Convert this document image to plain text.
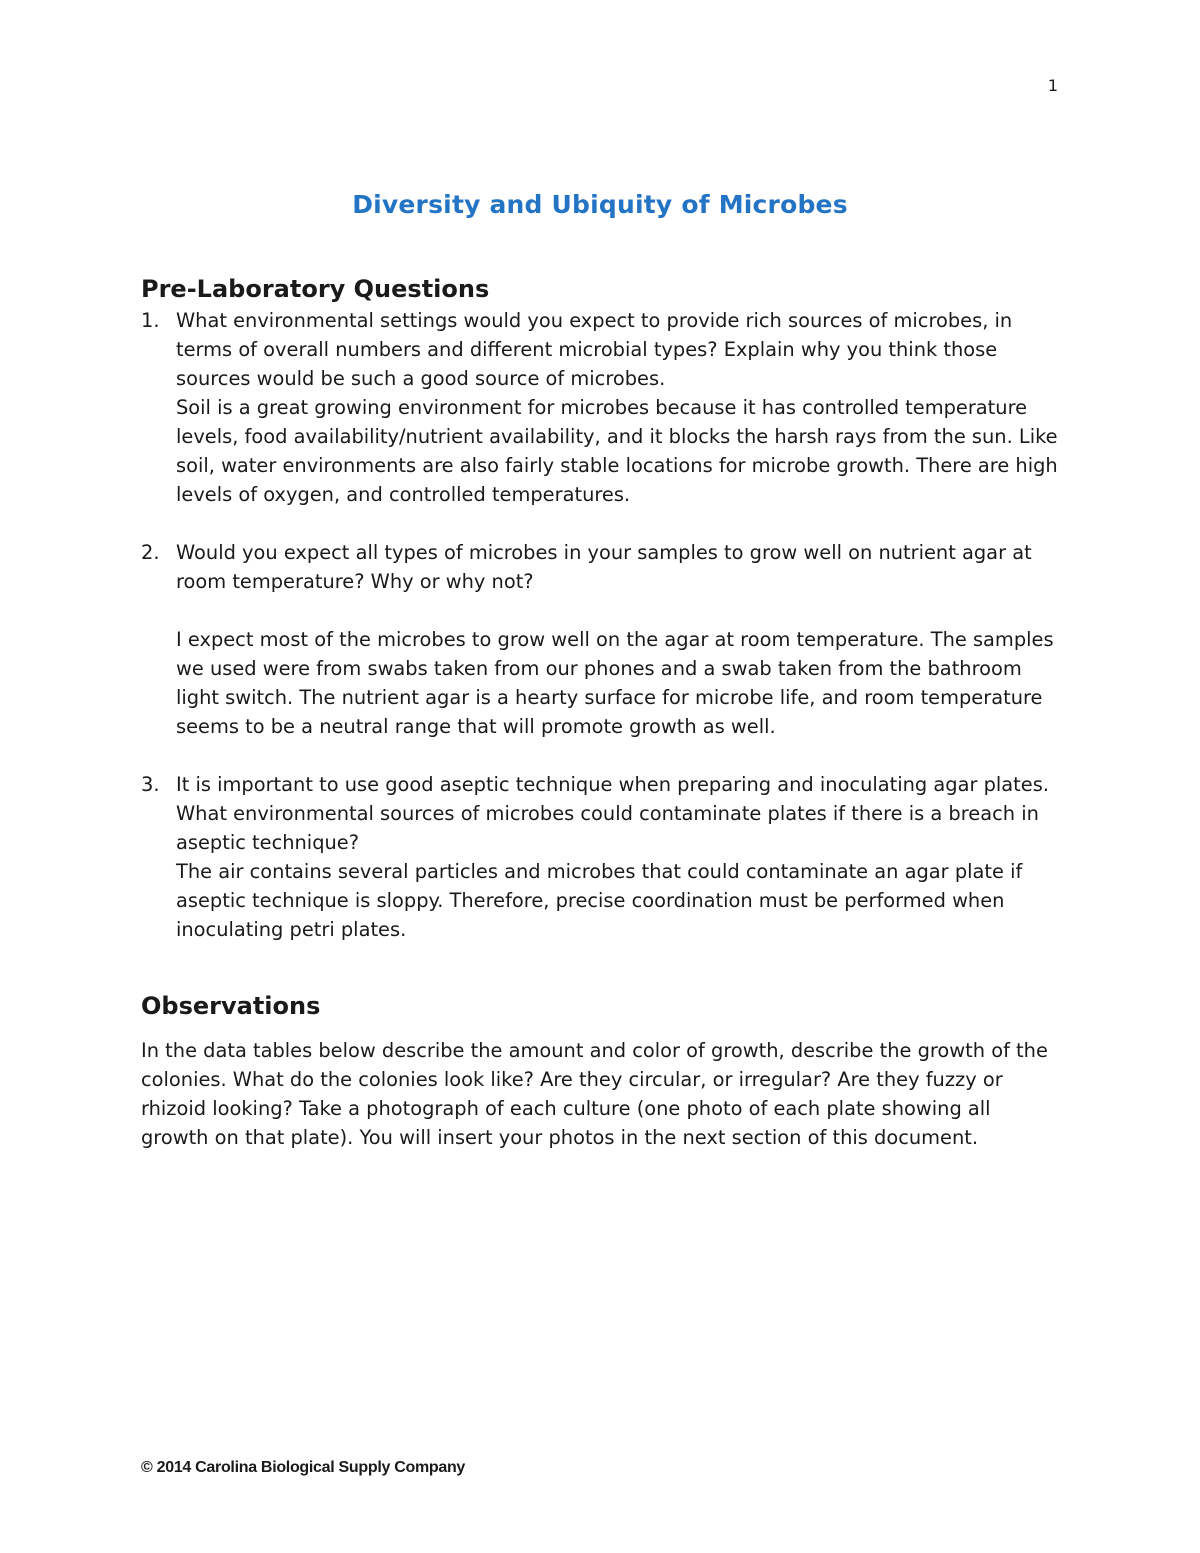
1
Diversity and Ubiquity of Microbes
Pre-Laboratory Questions
1. What environmental settings would you expect to provide rich sources of microbes, in terms of overall numbers and different microbial types? Explain why you think those sources would be such a good source of microbes.

Soil is a great growing environment for microbes because it has controlled temperature levels, food availability/nutrient availability, and it blocks the harsh rays from the sun. Like soil, water environments are also fairly stable locations for microbe growth. There are high levels of oxygen, and controlled temperatures.

2. Would you expect all types of microbes in your samples to grow well on nutrient agar at room temperature? Why or why not?

I expect most of the microbes to grow well on the agar at room temperature. The samples we used were from swabs taken from our phones and a swab taken from the bathroom light switch. The nutrient agar is a hearty surface for microbe life, and room temperature seems to be a neutral range that will promote growth as well.

3. It is important to use good aseptic technique when preparing and inoculating agar plates. What environmental sources of microbes could contaminate plates if there is a breach in aseptic technique?

The air contains several particles and microbes that could contaminate an agar plate if aseptic technique is sloppy. Therefore, precise coordination must be performed when inoculating petri plates.

Observations

In the data tables below describe the amount and color of growth, describe the growth of the colonies. What do the colonies look like? Are they circular, or irregular? Are they fuzzy or rhizoid looking? Take a photograph of each culture (one photo of each plate showing all growth on that plate). You will insert your photos in the next section of this document.

© 2014 Carolina Biological Supply Company
